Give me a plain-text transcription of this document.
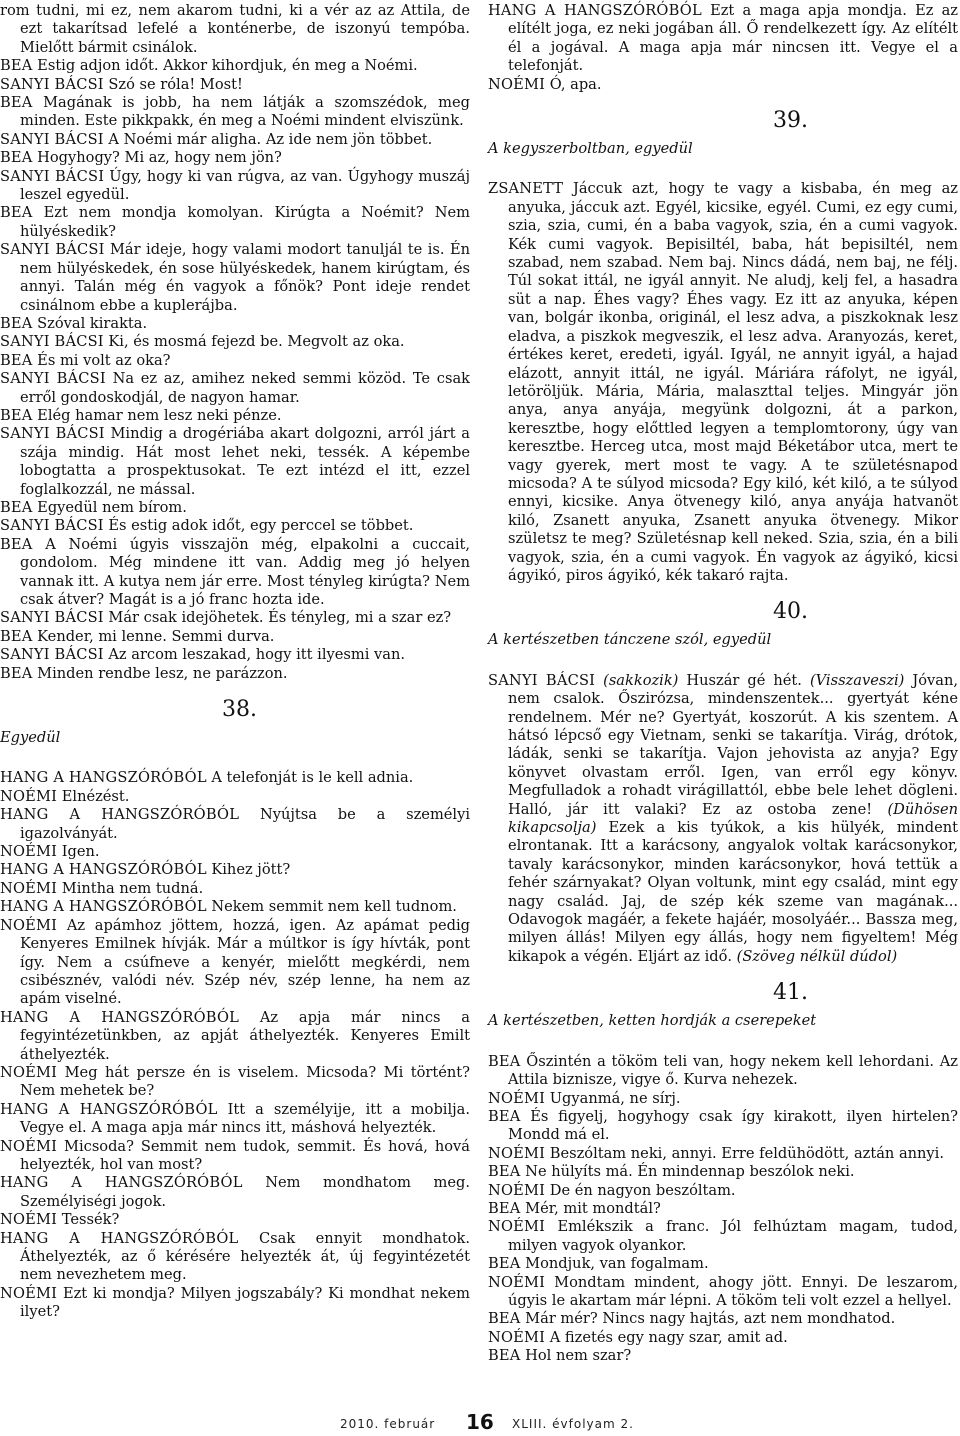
rom tudni, mi ez, nem akarom tudni, ki a vér az az Attila, de ezt takarítsad lefelé a konténerbe, de iszonyú tempóba. Mielőtt bármit csinálok.

BEA Estig adjon időt. Akkor kihordjuk, én meg a Noémi.

SANYI BÁCSI Szó se róla! Most!

BEA Magának is jobb, ha nem látják a szomszédok, meg minden. Este pikkpakk, én meg a Noémi mindent elviszünk.

SANYI BÁCSI A Noémi már aligha. Az ide nem jön többet.

BEA Hogyhogy? Mi az, hogy nem jön?

SANYI BÁCSI Úgy, hogy ki van rúgva, az van. Úgyhogy muszáj leszel egyedül.

BEA Ezt nem mondja komolyan. Kirúgta a Noémit? Nem hülyéskedik?

SANYI BÁCSI Már ideje, hogy valami modort tanuljál te is. Én nem hülyéskedek, én sose hülyéskedek, hanem kirúgtam, és annyi. Talán még én vagyok a főnök? Pont ideje rendet csinálnom ebbe a kuplerájba.

BEA Szóval kirakta.

SANYI BÁCSI Ki, és mosmá fejezd be. Megvolt az oka.

BEA És mi volt az oka?

SANYI BÁCSI Na ez az, amihez neked semmi közöd. Te csak erről gondoskodjál, de nagyon hamar.

BEA Elég hamar nem lesz neki pénze.

SANYI BÁCSI Mindig a drogériába akart dolgozni, arról járt a szája mindig. Hát most lehet neki, tessék. A képembe lobogtatta a prospektusokat. Te ezt intézd el itt, ezzel foglalkozzál, ne mással.

BEA Egyedül nem bírom.

SANYI BÁCSI És estig adok időt, egy perccel se többet.

BEA A Noémi úgyis visszajön még, elpakolni a cuccait, gondolom. Még mindene itt van. Addig meg jó helyen vannak itt. A kutya nem jár erre. Most tényleg kirúgta? Nem csak átver? Magát is a jó franc hozta ide.

SANYI BÁCSI Már csak idejöhetek. És tényleg, mi a szar ez?

BEA Kender, mi lenne. Semmi durva.

SANYI BÁCSI Az arcom leszakad, hogy itt ilyesmi van.

BEA Minden rendbe lesz, ne parázzon.

38.
Egyedül

HANG A HANGSZÓRÓBÓL A telefonját is le kell adnia.

NOÉMI Elnézést.

HANG A HANGSZÓRÓBÓL Nyújtsa be a személyi igazolványát.

NOÉMI Igen.

HANG A HANGSZÓRÓBÓL Kihez jött?

NOÉMI Mintha nem tudná.

HANG A HANGSZÓRÓBÓL Nekem semmit nem kell tudnom.

NOÉMI Az apámhoz jöttem, hozzá, igen. Az apámat pedig Kenyeres Emilnek hívják. Már a múltkor is így hívták, pont így. Nem a csúfneve a kenyér, mielőtt megkérdi, nem csibésznév, valódi név. Szép név, szép lenne, ha nem az apám viselné.

HANG A HANGSZÓRÓBÓL Az apja már nincs a fegyintézetünkben, az apját áthelyezték. Kenyeres Emilt áthelyezték.

NOÉMI Meg hát persze én is viselem. Micsoda? Mi történt? Nem mehetek be?

HANG A HANGSZÓRÓBÓL Itt a személyije, itt a mobilja. Vegye el. A maga apja már nincs itt, máshová helyezték.

NOÉMI Micsoda? Semmit nem tudok, semmit. És hová, hová helyezték, hol van most?

HANG A HANGSZÓRÓBÓL Nem mondhatom meg. Személyiségi jogok.

NOÉMI Tessék?

HANG A HANGSZÓRÓBÓL Csak ennyit mondhatok. Áthelyezték, az ő kérésére helyezték át, új fegyintézetét nem nevezhetem meg.

NOÉMI Ezt ki mondja? Milyen jogszabály? Ki mondhat nekem ilyet?

HANG A HANGSZÓRÓBÓL Ezt a maga apja mondja. Ez az elítélt joga, ez neki jogában áll. Ő rendelkezett így. Az elítélt él a jogával. A maga apja már nincsen itt. Vegye el a telefonját.

NOÉMI Ó, apa.

39.
A kegyszerboltban, egyedül

ZSANETT Jáccuk azt, hogy te vagy a kisbaba, én meg az anyuka, jáccuk azt. Egyél, kicsike, egyél. Cumi, ez egy cumi, szia, szia, cumi, én a baba vagyok, szia, én a cumi vagyok. Kék cumi vagyok. Bepisiltél, baba, hát bepisiltél, nem szabad, nem szabad. Nem baj. Nincs dádá, nem baj, ne félj. Túl sokat ittál, ne igyál annyit. Ne aludj, kelj fel, a hasadra süt a nap. Éhes vagy? Éhes vagy. Ez itt az anyuka, képen van, bolgár ikonba, originál, el lesz adva, a piszkoknak lesz eladva, a piszkok megveszik, el lesz adva. Aranyozás, keret, értékes keret, eredeti, igyál. Igyál, ne annyit igyál, a hajad elázott, annyit ittál, ne igyál. Máriára ráfolyt, ne igyál, letöröljük. Mária, Mária, malaszttal teljes. Mingyár jön anya, anya anyája, megyünk dolgozni, át a parkon, keresztbe, hogy előttled legyen a templomtorony, úgy van keresztbe. Herceg utca, most majd Béketábor utca, mert te vagy gyerek, mert most te vagy. A te születésnapod micsoda? A te súlyod micsoda? Egy kiló, két kiló, a te súlyod ennyi, kicsike. Anya ötvenegy kiló, anya anyája hatvanöt kiló, Zsanett anyuka, Zsanett anyuka ötvenegy. Mikor születsz te meg? Születésnap kell neked. Szia, szia, én a bili vagyok, szia, én a cumi vagyok. Én vagyok az ágyikó, kicsi ágyikó, piros ágyikó, kék takaró rajta.

40.
A kertészetben tánczene szól, egyedül

SANYI BÁCSI (sakkozik) Huszár gé hét. (Visszaveszi) Jóvan, nem csalok. Őszirózsa, mindenszentek... gyertyát kéne rendelnem. Mér ne? Gyertyát, koszorút. A kis szentem. A hátsó lépcső egy Vietnam, senki se takarítja. Virág, drótok, ládák, senki se takarítja. Vajon jehovista az anyja? Egy könyvet olvastam erről. Igen, van erről egy könyv. Megfulladok a rohadt virágillattól, ebbe bele lehet dögleni. Halló, jár itt valaki? Ez az ostoba zene! (Dühösen kikapcsolja) Ezek a kis tyúkok, a kis hülyék, mindent elrontanak. Itt a karácsony, angyalok voltak karácsonykor, tavaly karácsonykor, minden karácsonykor, hová tettük a fehér szárnyakat? Olyan voltunk, mint egy család, mint egy nagy család. Jaj, de szép kék szeme van magának... Odavogok magáér, a fekete hajáér, mosolyáér... Bassza meg, milyen állás! Milyen egy állás, hogy nem figyeltem! Még kikapok a végén. Eljárt az idő. (Szöveg nélkül dúdol)

41.
A kertészetben, ketten hordják a cserepeket

BEA Őszintén a tököm teli van, hogy nekem kell lehordani. Az Attila biznisze, vigye ő. Kurva nehezek.

NOÉMI Ugyanmá, ne sírj.

BEA És figyelj, hogyhogy csak így kirakott, ilyen hirtelen? Mondd má el.

NOÉMI Beszóltam neki, annyi. Erre feldühödött, aztán annyi.

BEA Ne hülyíts má. Én mindennap beszólok neki.

NOÉMI De én nagyon beszóltam.

BEA Mér, mit mondtál?

NOÉMI Emlékszik a franc. Jól felhúztam magam, tudod, milyen vagyok olyankor.

BEA Mondjuk, van fogalmam.

NOÉMI Mondtam mindent, ahogy jött. Ennyi. De leszarom, úgyis le akartam már lépni. A tököm teli volt ezzel a hellyel.

BEA Már mér? Nincs nagy hajtás, azt nem mondhatod.

NOÉMI A fizetés egy nagy szar, amit ad.

BEA Hol nem szar?

2010. február 16 XLIII. évfolyam 2.
